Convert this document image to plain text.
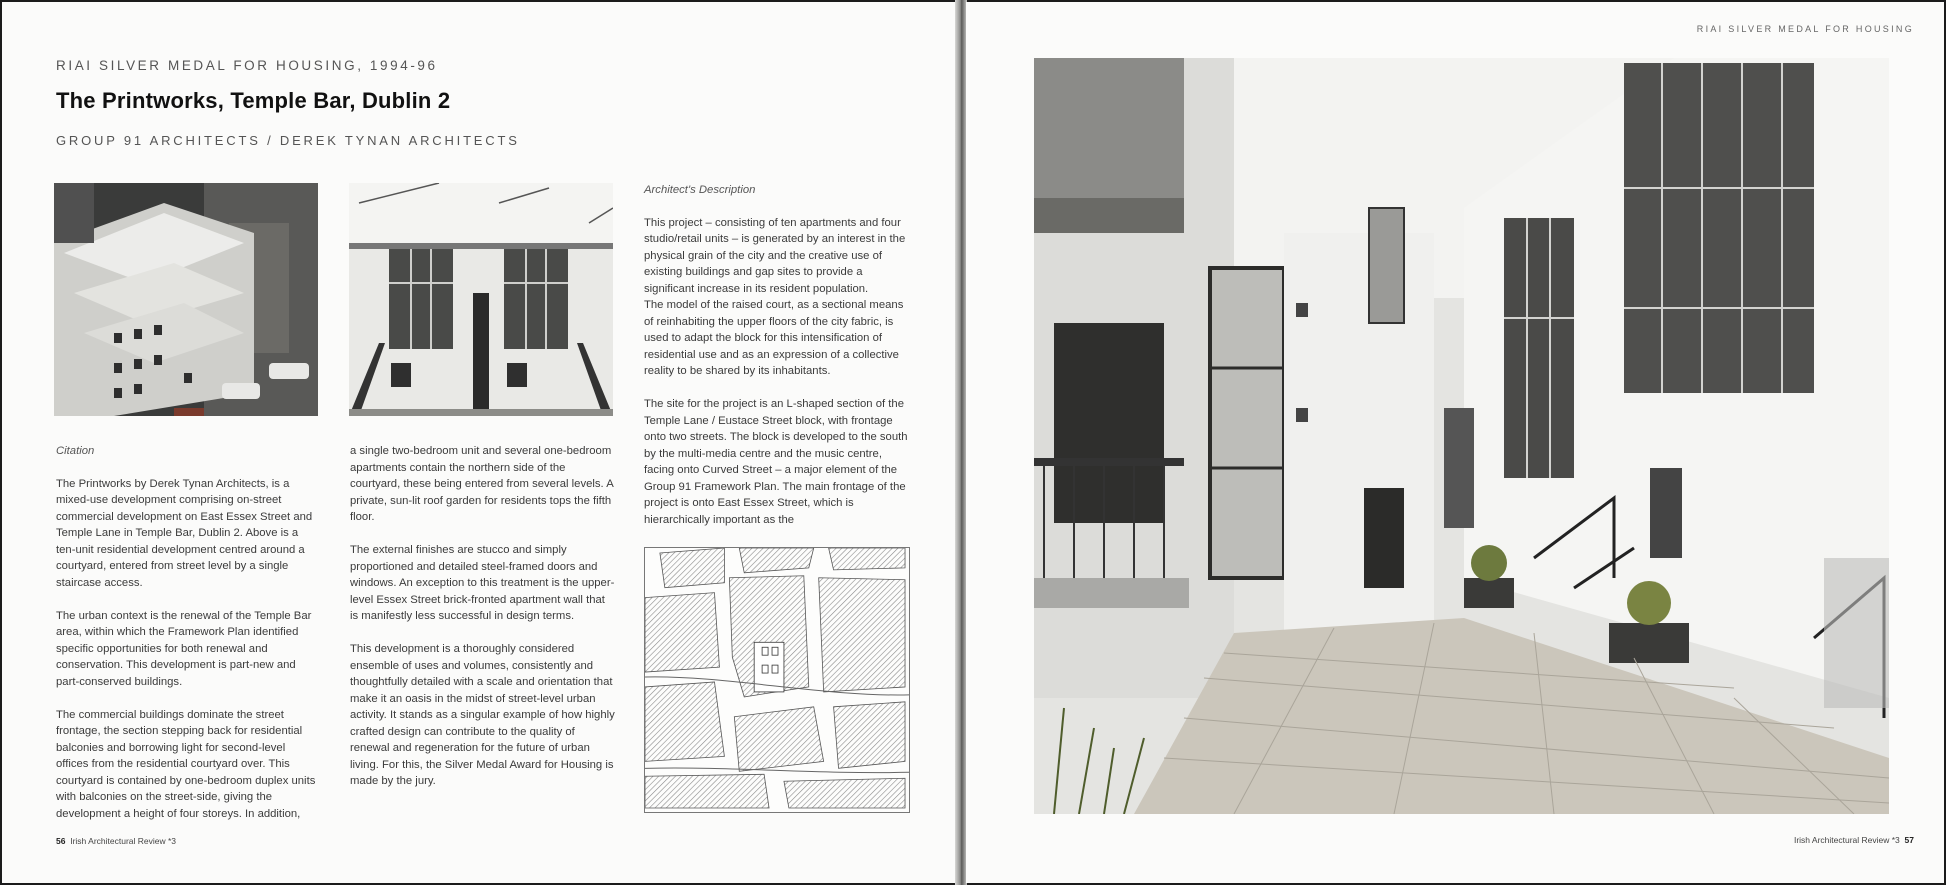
RIAI SILVER MEDAL FOR HOUSING, 1994-96
The Printworks, Temple Bar, Dublin 2
GROUP 91 ARCHITECTS / DEREK TYNAN ARCHITECTS
Citation

The Printworks by Derek Tynan Architects, is a mixed-use development comprising on-street commercial development on East Essex Street and Temple Lane in Temple Bar, Dublin 2. Above is a ten-unit residential development centred around a courtyard, entered from street level by a single staircase access.

The urban context is the renewal of the Temple Bar area, within which the Framework Plan identified specific opportunities for both renewal and conservation. This development is part-new and part-conserved buildings.

The commercial buildings dominate the street frontage, the section stepping back for residential balconies and borrowing light for second-level offices from the residential courtyard over. This courtyard is contained by one-bedroom duplex units with balconies on the street-side, giving the development a height of four storeys. In addition,

a single two-bedroom unit and several one-bedroom apartments contain the northern side of the courtyard, these being entered from several levels. A private, sun-lit roof garden for residents tops the fifth floor.

The external finishes are stucco and simply proportioned and detailed steel-framed doors and windows. An exception to this treatment is the upper-level Essex Street brick-fronted apartment wall that is manifestly less successful in design terms.

This development is a thoroughly considered ensemble of uses and volumes, consistently and thoughtfully detailed with a scale and orientation that make it an oasis in the midst of street-level urban activity. It stands as a singular example of how highly crafted design can contribute to the quality of renewal and regeneration for the future of urban living. For this, the Silver Medal Award for Housing is made by the jury.

Architect's Description

This project – consisting of ten apartments and four studio/retail units – is generated by an interest in the physical grain of the city and the creative use of existing buildings and gap sites to provide a significant increase in its resident population.

The model of the raised court, as a sectional means of reinhabiting the upper floors of the city fabric, is used to adapt the block for this intensification of residential use and as an expression of a collective reality to be shared by its inhabitants.

The site for the project is an L-shaped section of the Temple Lane / Eustace Street block, with frontage onto two streets. The block is developed to the south by the multi-media centre and the music centre, facing onto Curved Street – a major element of the Group 91 Framework Plan. The main frontage of the project is onto East Essex Street, which is hierarchically important as the

56 Irish Architectural Review *3
RIAI SILVER MEDAL FOR HOUSING
Irish Architectural Review *3 57
